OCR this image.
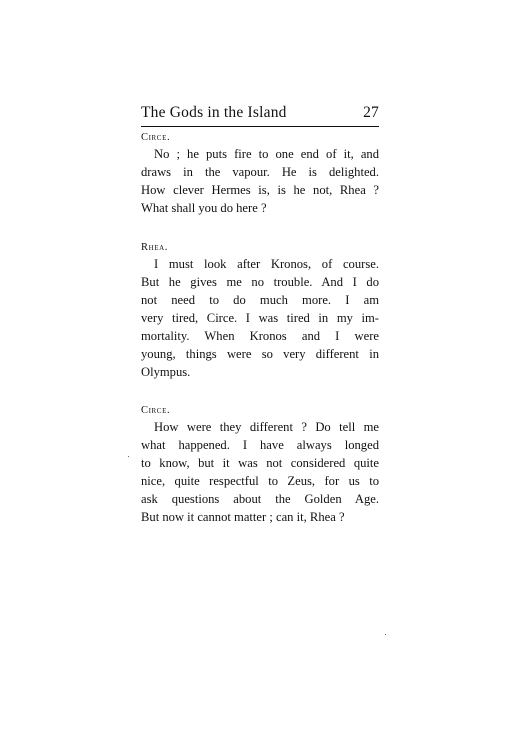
The Gods in the Island	27
Circe.
No ; he puts fire to one end of it, and
draws in the vapour. He is delighted.
How clever Hermes is, is he not, Rhea ?
What shall you do here ?
Rhea.
I must look after Kronos, of course.
But he gives me no trouble. And I do
not need to do much more. I am
very tired, Circe. I was tired in my im-
mortality. When Kronos and I were
young, things were so very different in
Olympus.
Circe.
How were they different ? Do tell me
what happened. I have always longed
to know, but it was not considered quite
nice, quite respectful to Zeus, for us to
ask questions about the Golden Age.
But now it cannot matter ; can it, Rhea ?
